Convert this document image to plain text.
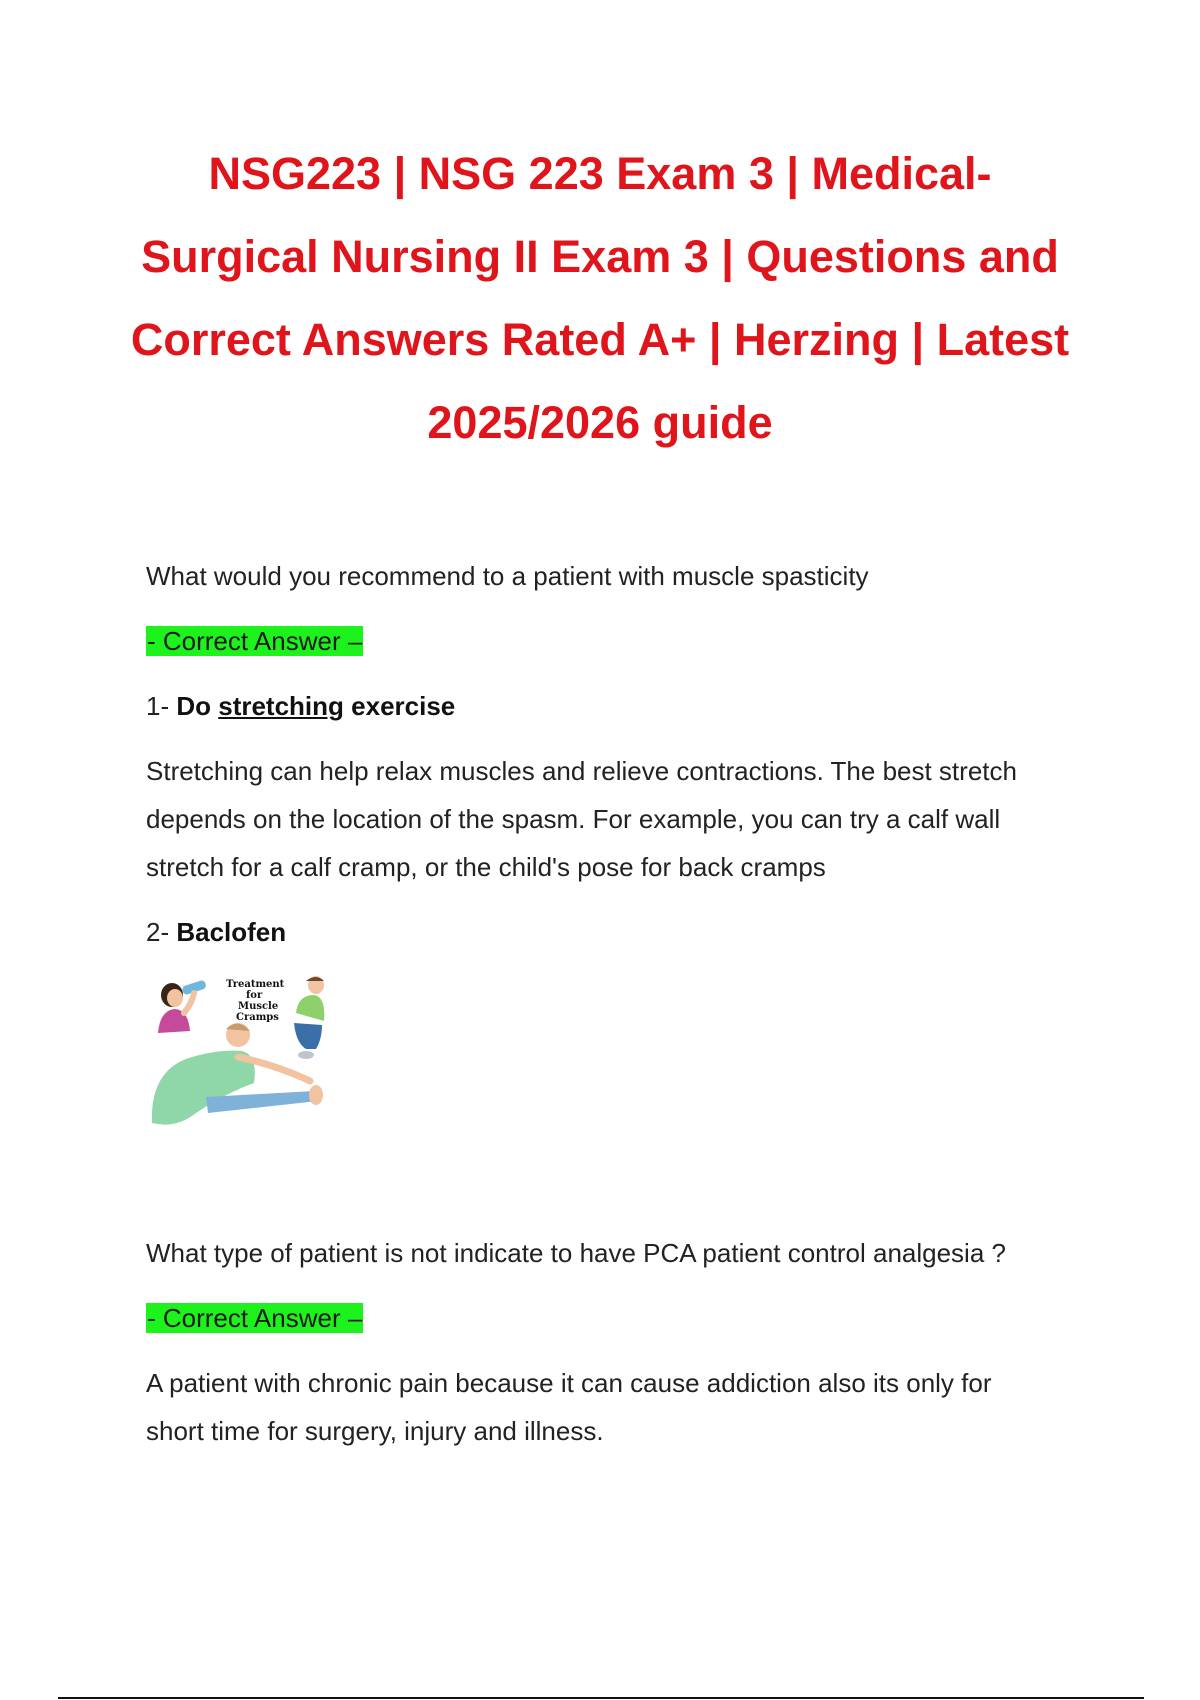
NSG223 | NSG 223 Exam 3 | Medical-Surgical Nursing II Exam 3 | Questions and Correct Answers Rated A+ | Herzing | Latest 2025/2026 guide

What would you recommend to a patient with muscle spasticity

- Correct Answer –

1- Do stretching exercise

Stretching can help relax muscles and relieve contractions. The best stretch depends on the location of the spasm. For example, you can try a calf wall stretch for a calf cramp, or the child's pose for back cramps

2- Baclofen

Treatment
for
Muscle
Cramps

What type of patient is not indicate to have PCA patient control analgesia ?

- Correct Answer –

A patient with chronic pain because it can cause addiction also its only for short time for surgery, injury and illness.
